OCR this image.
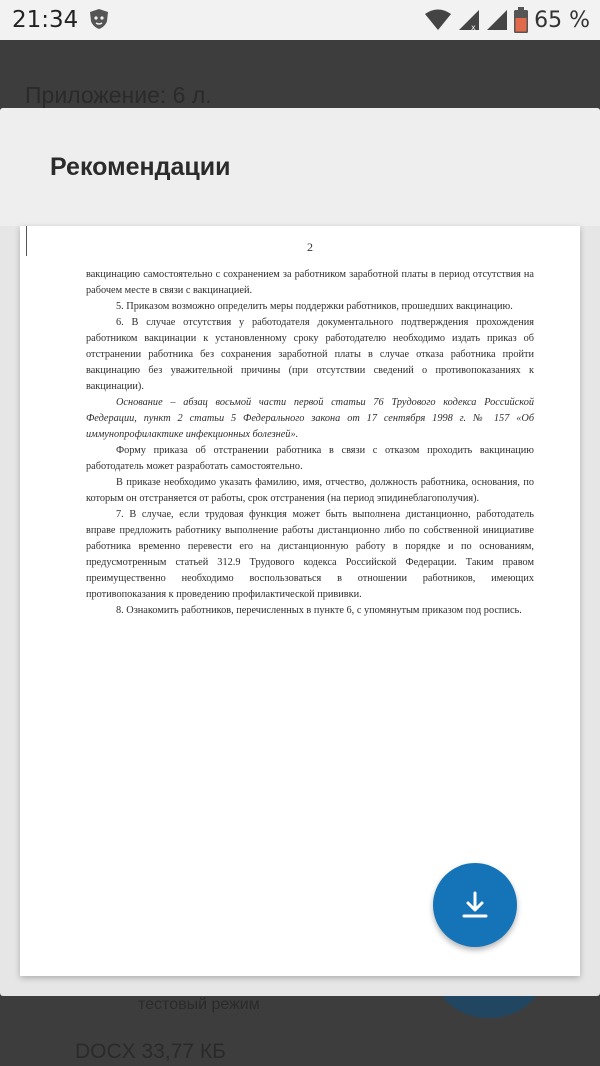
21:34	x	65 %
Приложение: 6 л.
тестовый режим
DOCX 33,77 КБ
Рекомендации
2

вакцинацию самостоятельно с сохранением за работником заработной платы в период отсутствия на рабочем месте в связи с вакцинацией.

5. Приказом возможно определить меры поддержки работников, прошедших вакцинацию.

6. В случае отсутствия у работодателя документального подтверждения прохождения работником вакцинации к установленному сроку работодателю необходимо издать приказ об отстранении работника без сохранения заработной платы в случае отказа работника пройти вакцинацию без уважительной причины (при отсутствии сведений о противопоказаниях к вакцинации).

Основание – абзац восьмой части первой статьи 76 Трудового кодекса Российской Федерации, пункт 2 статьи 5 Федерального закона от 17 сентября 1998 г. № 157 «Об иммунопрофилактике инфекционных болезней».

Форму приказа об отстранении работника в связи с отказом проходить вакцинацию работодатель может разработать самостоятельно.

В приказе необходимо указать фамилию, имя, отчество, должность работника, основания, по которым он отстраняется от работы, срок отстранения (на период эпидинеблагополучия).

7. В случае, если трудовая функция может быть выполнена дистанционно, работодатель вправе предложить работнику выполнение работы дистанционно либо по собственной инициативе работника временно перевести его на дистанционную работу в порядке и по основаниям, предусмотренным статьей 312.9 Трудового кодекса Российской Федерации. Таким правом преимущественно необходимо воспользоваться в отношении работников, имеющих противопоказания к проведению профилактической прививки.

8. Ознакомить работников, перечисленных в пункте 6, с упомянутым приказом под роспись.
